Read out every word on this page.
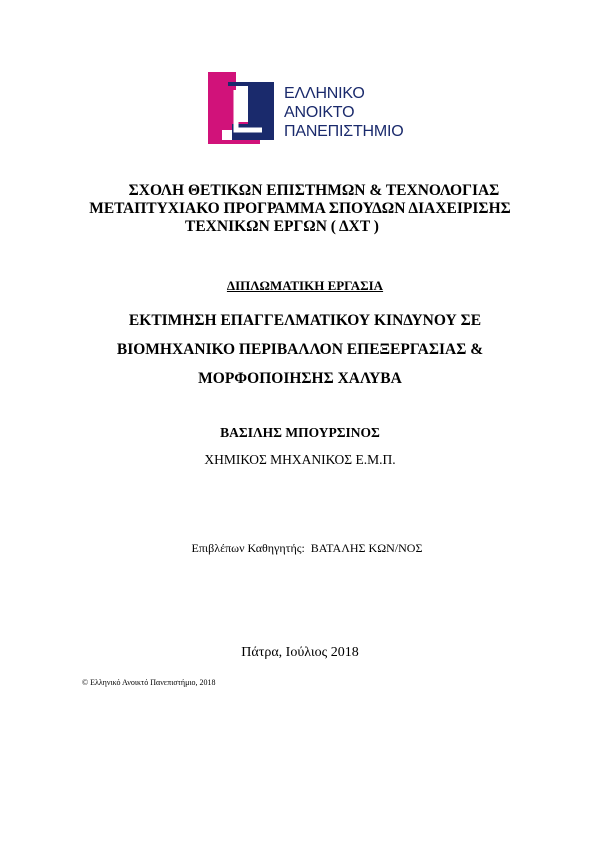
ΕΛΛΗΝΙΚΟ
ΑΝΟΙΚΤΟ
ΠΑΝΕΠΙΣΤΗΜΙΟ
ΣΧΟΛΗ ΘΕΤΙΚΩΝ ΕΠΙΣΤΗΜΩΝ & ΤΕΧΝΟΛΟΓΙΑΣ
ΜΕΤΑΠΤΥΧΙΑΚΟ ΠΡΟΓΡΑΜΜΑ ΣΠΟΥΔΩΝ ΔΙΑΧΕΙΡΙΣΗΣ
ΤΕΧΝΙΚΩΝ ΕΡΓΩΝ ( ΔΧΤ )
ΔΙΠΛΩΜΑΤΙΚΗ ΕΡΓΑΣΙΑ
ΕΚΤΙΜΗΣΗ ΕΠΑΓΓΕΛΜΑΤΙΚΟΥ ΚΙΝΔΥΝΟΥ ΣΕ
ΒΙΟΜΗΧΑΝΙΚΟ ΠΕΡΙΒΑΛΛΟΝ ΕΠΕΞΕΡΓΑΣΙΑΣ &
ΜΟΡΦΟΠΟΙΗΣΗΣ ΧΑΛΥΒΑ
ΒΑΣΙΛΗΣ ΜΠΟΥΡΣΙΝΟΣ
ΧΗΜΙΚΟΣ ΜΗΧΑΝΙΚΟΣ Ε.Μ.Π.
Επιβλέπων Καθηγητής:  ΒΑΤΑΛΗΣ ΚΩΝ/ΝΟΣ
Πάτρα, Ιούλιος 2018
© Ελληνικό Ανοικτό Πανεπιστήμιο, 2018
